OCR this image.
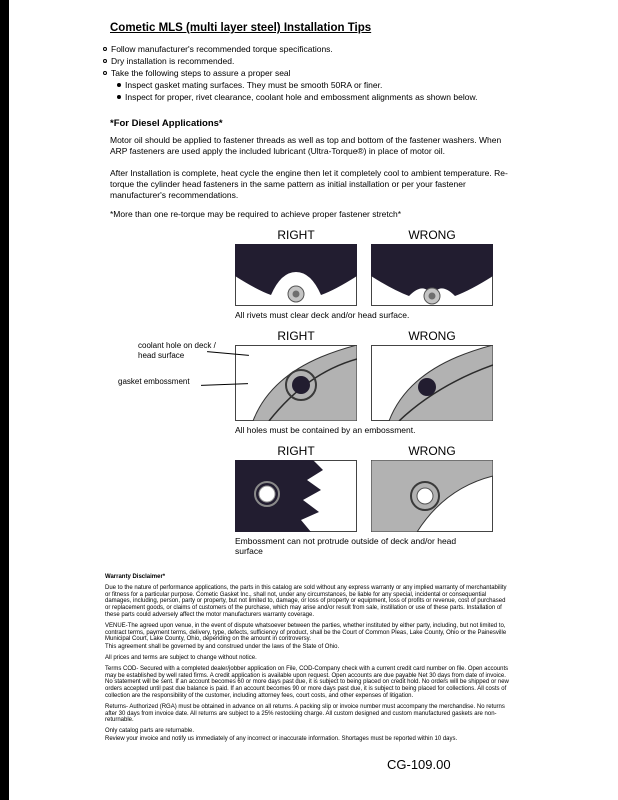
Cometic MLS (multi layer steel) Installation Tips
Follow manufacturer's recommended torque specifications.
Dry installation is recommended.
Take the following steps to assure a proper seal
Inspect gasket mating surfaces. They must be smooth 50RA or finer.
Inspect for proper, rivet clearance, coolant hole and embossment alignments as shown below.
*For Diesel Applications*

Motor oil should be applied to fastener threads as well as top and bottom of the fastener washers. When ARP fasteners are used apply the included lubricant (Ultra-Torque®) in place of motor oil.

After Installation is complete, heat cycle the engine then let it completely cool to ambient temperature. Re-torque the cylinder head fasteners in the same pattern as initial installation or per your fastener manufacturer's recommendations.

*More than one re-torque may be required to achieve proper fastener stretch*

RIGHT	WRONG
All rivets must clear deck and/or head surface.
RIGHT	WRONG
All holes must be contained by an embossment.
RIGHT	WRONG
Embossment can not protrude outside of deck and/or head surface
coolant hole on deck / head surface
gasket embossment

Warranty Disclaimer*

Due to the nature of performance applications, the parts in this catalog are sold without any express warranty or any implied warranty of merchantability or fitness for a particular purpose. Cometic Gasket Inc., shall not, under any circumstances, be liable for any special, incidental or consequential damages, including, person, party or property, but not limited to, damage, or loss of property or equipment, loss of profits or revenue, cost of purchased or replacement goods, or claims of customers of the purchase, which may arise and/or result from sale, instillation or use of these parts. Installation of these parts could adversely affect the motor manufacturers warranty coverage.

VENUE-The agreed upon venue, in the event of dispute whatsoever between the parties, whether instituted by either party, including, but not limited to, contract terms, payment terms, delivery, type, defects, sufficiency of product, shall be the Court of Common Pleas, Lake County, Ohio or the Painesville Municipal Court, Lake County, Ohio, depending on the amount in controversy.

This agreement shall be governed by and construed under the laws of the State of Ohio.

All prices and terms are subject to change without notice.

Terms COD- Secured with a completed dealer/jobber application on File, COD-Company check with a current credit card number on file. Open accounts may be established by well rated firms. A credit application is available upon request. Open accounts are due payable Net 30 days from date of invoice. No statement will be sent. If an account becomes 60 or more days past due, it is subject to being placed on credit hold. No orders will be shipped or new orders accepted until past due balance is paid. If an account becomes 90 or more days past due, it is subject to being placed for collections. All costs of collection are the responsibility of the customer, including attorney fees, court costs, and other expenses of litigation.

Returns- Authorized (RGA) must be obtained in advance on all returns. A packing slip or invoice number must accompany the merchandise. No returns after 30 days from invoice date. All returns are subject to a 25% restocking charge. All custom designed and custom manufactured gaskets are non-returnable.

Only catalog parts are returnable.

Review your invoice and notify us immediately of any incorrect or inaccurate information. Shortages must be reported within 10 days.

CG-109.00
